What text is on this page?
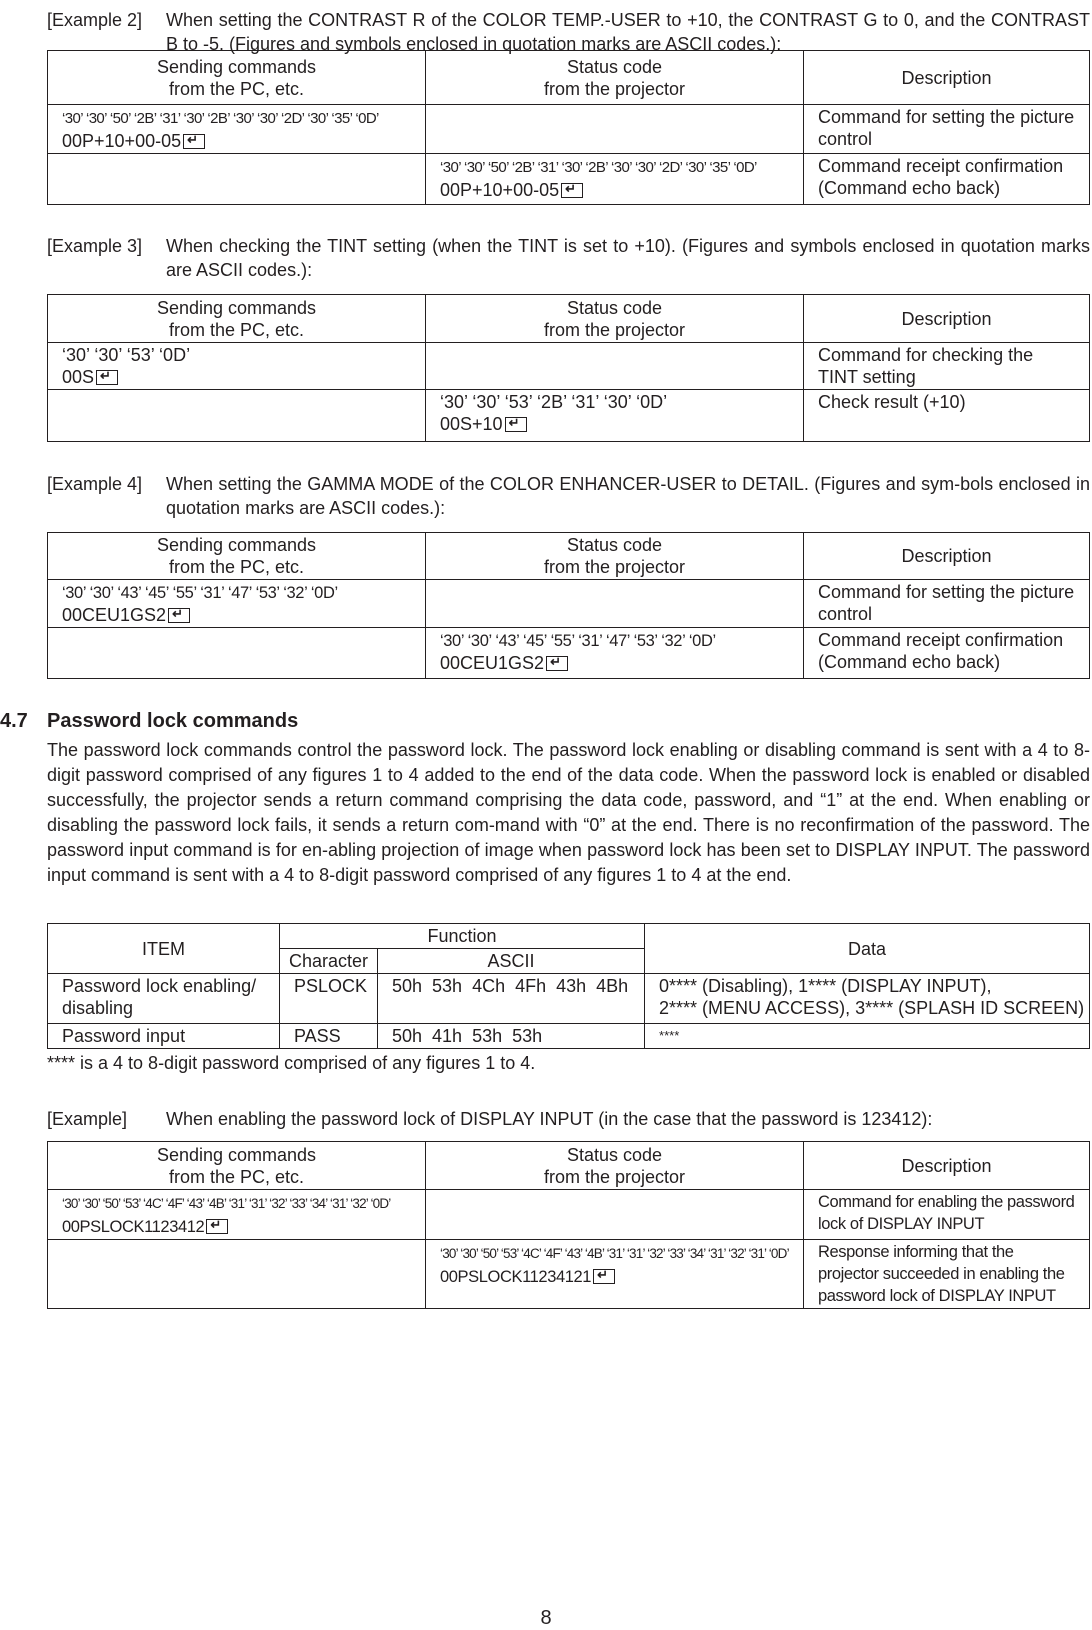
[Example 2]	When setting the CONTRAST R of the COLOR TEMP.-USER to +10, the CONTRAST G to 0, and the CONTRAST B to -5. (Figures and symbols enclosed in quotation marks are ASCII codes.):
Sending commands
from the PC, etc.	Status code
from the projector	Description
‘30’ ‘30’ ‘50’ ‘2B’ ‘31’ ‘30’ ‘2B’ ‘30’ ‘30’ ‘2D’ ‘30’ ‘35’ ‘0D’
00P+10+00-05↵		Command for setting the picture control
	‘30’ ‘30’ ‘50’ ‘2B’ ‘31’ ‘30’ ‘2B’ ‘30’ ‘30’ ‘2D’ ‘30’ ‘35’ ‘0D’
00P+10+00-05↵	Command receipt confirmation (Command echo back)
[Example 3]	When checking the TINT setting (when the TINT is set to +10). (Figures and symbols enclosed in quotation marks are ASCII codes.):
Sending commands
from the PC, etc.	Status code
from the projector	Description
‘30’ ‘30’ ‘53’ ‘0D’
00S↵		Command for checking the TINT setting
	‘30’ ‘30’ ‘53’ ‘2B’ ‘31’ ‘30’ ‘0D’
00S+10↵	Check result (+10)
[Example 4]	When setting the GAMMA MODE of the COLOR ENHANCER-USER to DETAIL. (Figures and sym-bols enclosed in quotation marks are ASCII codes.):
Sending commands
from the PC, etc.	Status code
from the projector	Description
‘30’ ‘30’ ‘43’ ‘45’ ‘55’ ‘31’ ‘47’ ‘53’ ‘32’ ‘0D’
00CEU1GS2↵		Command for setting the picture control
	‘30’ ‘30’ ‘43’ ‘45’ ‘55’ ‘31’ ‘47’ ‘53’ ‘32’ ‘0D’
00CEU1GS2↵	Command receipt confirmation (Command echo back)
4.7 Password lock commands
The password lock commands control the password lock. The password lock enabling or disabling command is sent with a 4 to 8-digit password comprised of any figures 1 to 4 added to the end of the data code. When the password lock is enabled or disabled successfully, the projector sends a return command comprising the data code, password, and “1” at the end. When enabling or disabling the password lock fails, it sends a return com-mand with “0” at the end. There is no reconfirmation of the password. The password input command is for en-abling projection of image when password lock has been set to DISPLAY INPUT. The password input command is sent with a 4 to 8-digit password comprised of any figures 1 to 4 at the end.
ITEM	Function		Data
	Character	ASCII	
Password lock enabling/ disabling	PSLOCK	50h  53h  4Ch  4Fh  43h  4Bh	0**** (Disabling), 1**** (DISPLAY INPUT),
2**** (MENU ACCESS), 3**** (SPLASH ID SCREEN)
Password input	PASS	50h  41h  53h  53h	****
**** is a 4 to 8-digit password comprised of any figures 1 to 4.
[Example]	When enabling the password lock of DISPLAY INPUT (in the case that the password is 123412):
Sending commands
from the PC, etc.	Status code
from the projector	Description
‘30’ ‘30’ ‘50’ ‘53’ ‘4C’ ‘4F’ ‘43’ ‘4B’ ‘31’ ‘31’ ‘32’ ‘33’ ‘34’ ‘31’ ‘32’ ‘0D’
00PSLOCK1123412↵		Command for enabling the password lock of DISPLAY INPUT
	‘30’ ‘30’ ‘50’ ‘53’ ‘4C’ ‘4F’ ‘43’ ‘4B’ ‘31’ ‘31’ ‘32’ ‘33’ ‘34’ ‘31’ ‘32’ ‘31’ ‘0D’
00PSLOCK11234121↵	Response informing that the projector succeeded in enabling the password lock of DISPLAY INPUT
8
